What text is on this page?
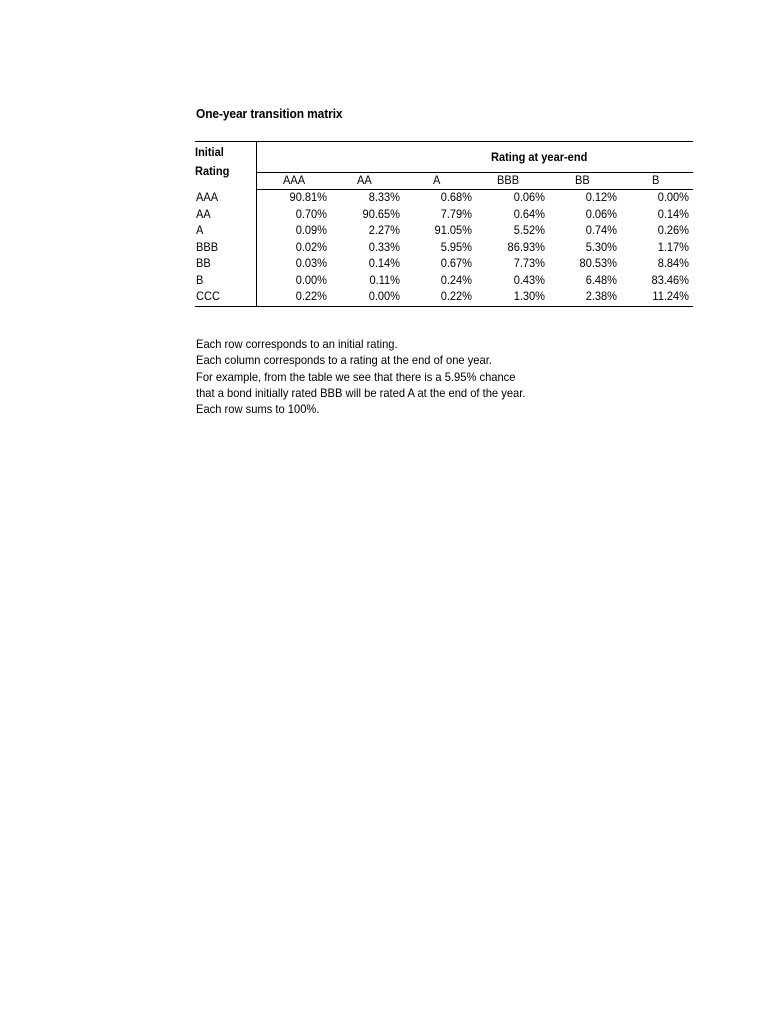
One-year transition matrix
Initial
Rating
Rating at year-end
AAA	AA	A	BBB	BB	B
AAA	90.81%	8.33%	0.68%	0.06%	0.12%	0.00%
AA	0.70%	90.65%	7.79%	0.64%	0.06%	0.14%
A	0.09%	2.27%	91.05%	5.52%	0.74%	0.26%
BBB	0.02%	0.33%	5.95%	86.93%	5.30%	1.17%
BB	0.03%	0.14%	0.67%	7.73%	80.53%	8.84%
B	0.00%	0.11%	0.24%	0.43%	6.48%	83.46%
CCC	0.22%	0.00%	0.22%	1.30%	2.38%	11.24%
Each row corresponds to an initial rating.
Each column corresponds to a rating at the end of one year.
For example, from the table we see that there is a 5.95% chance
that a bond initially rated BBB will be rated A at the end of the year.
Each row sums to 100%.
